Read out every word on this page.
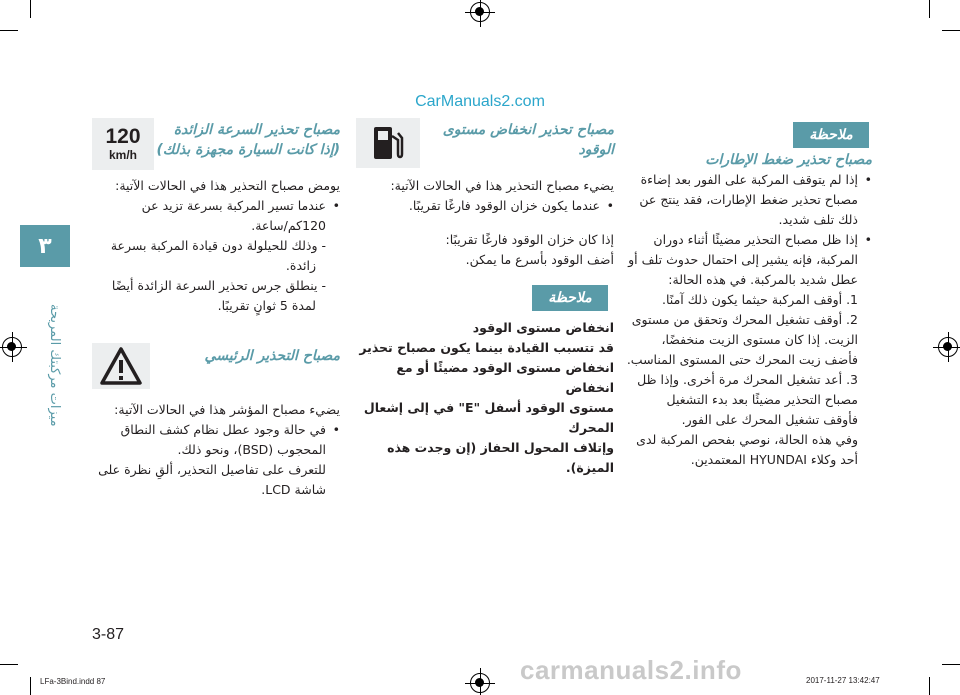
CarManuals2.com
٣
ميزات مركبتك المريحة
ملاحظة

مصباح تحذير ضغط الإطارات

• إذا لم يتوقف المركبة على الفور بعد إضاءة

مصباح تحذير ضغط الإطارات، فقد ينتج عن

ذلك تلف شديد.

• إذا ظل مصباح التحذير مضيئًا أثناء دوران

المركبة، فإنه يشير إلى احتمال حدوث تلف أو

عطل شديد بالمركبة. في هذه الحالة:

1. أوقف المركبة حيثما يكون ذلك آمنًا.

2. أوقف تشغيل المحرك وتحقق من مستوى

الزيت. إذا كان مستوى الزيت منخفضًا،

فأضف زيت المحرك حتى المستوى المناسب.

3. أعد تشغيل المحرك مرة أخرى. وإذا ظل

مصباح التحذير مضيئًا بعد بدء التشغيل

فأوقف تشغيل المحرك على الفور.

وفي هذه الحالة، نوصي بفحص المركبة لدى

أحد وكلاء HYUNDAI المعتمدين.

مصباح تحذير انخفاض مستوى

الوقود

يضيء مصباح التحذير هذا في الحالات الآتية:

• عندما يكون خزان الوقود فارغًا تقريبًا.

إذا كان خزان الوقود فارغًا تقريبًا:

أضف الوقود بأسرع ما يمكن.

ملاحظة

انخفاض مستوى الوقود

قد تتسبب القيادة بينما يكون مصباح تحذير

انخفاض مستوى الوقود مضيئًا أو مع انخفاض

مستوى الوقود أسفل "E" في إلى إشعال المحرك

وإتلاف المحول الحفاز (إن وجدت هذه الميزة).

120
km/h

مصباح تحذير السرعة الزائدة

(إذا كانت السيارة مجهزة بذلك)

يومض مصباح التحذير هذا في الحالات الآتية:

• عندما تسير المركبة بسرعة تزيد عن

120كم/ساعة.

- وذلك للحيلولة دون قيادة المركبة بسرعة

زائدة.

- ينطلق جرس تحذير السرعة الزائدة أيضًا

لمدة 5 ثوانٍ تقريبًا.

مصباح التحذير الرئيسي

يضيء مصباح المؤشر هذا في الحالات الآتية:

• في حالة وجود عطل نظام كشف النطاق

المحجوب (BSD)، ونحو ذلك.

للتعرف على تفاصيل التحذير، ألقِ نظرة على

شاشة LCD.

3-87
LFa-3Bind.indd 87	2017-11-27 13:42:47
carmanuals2.info
